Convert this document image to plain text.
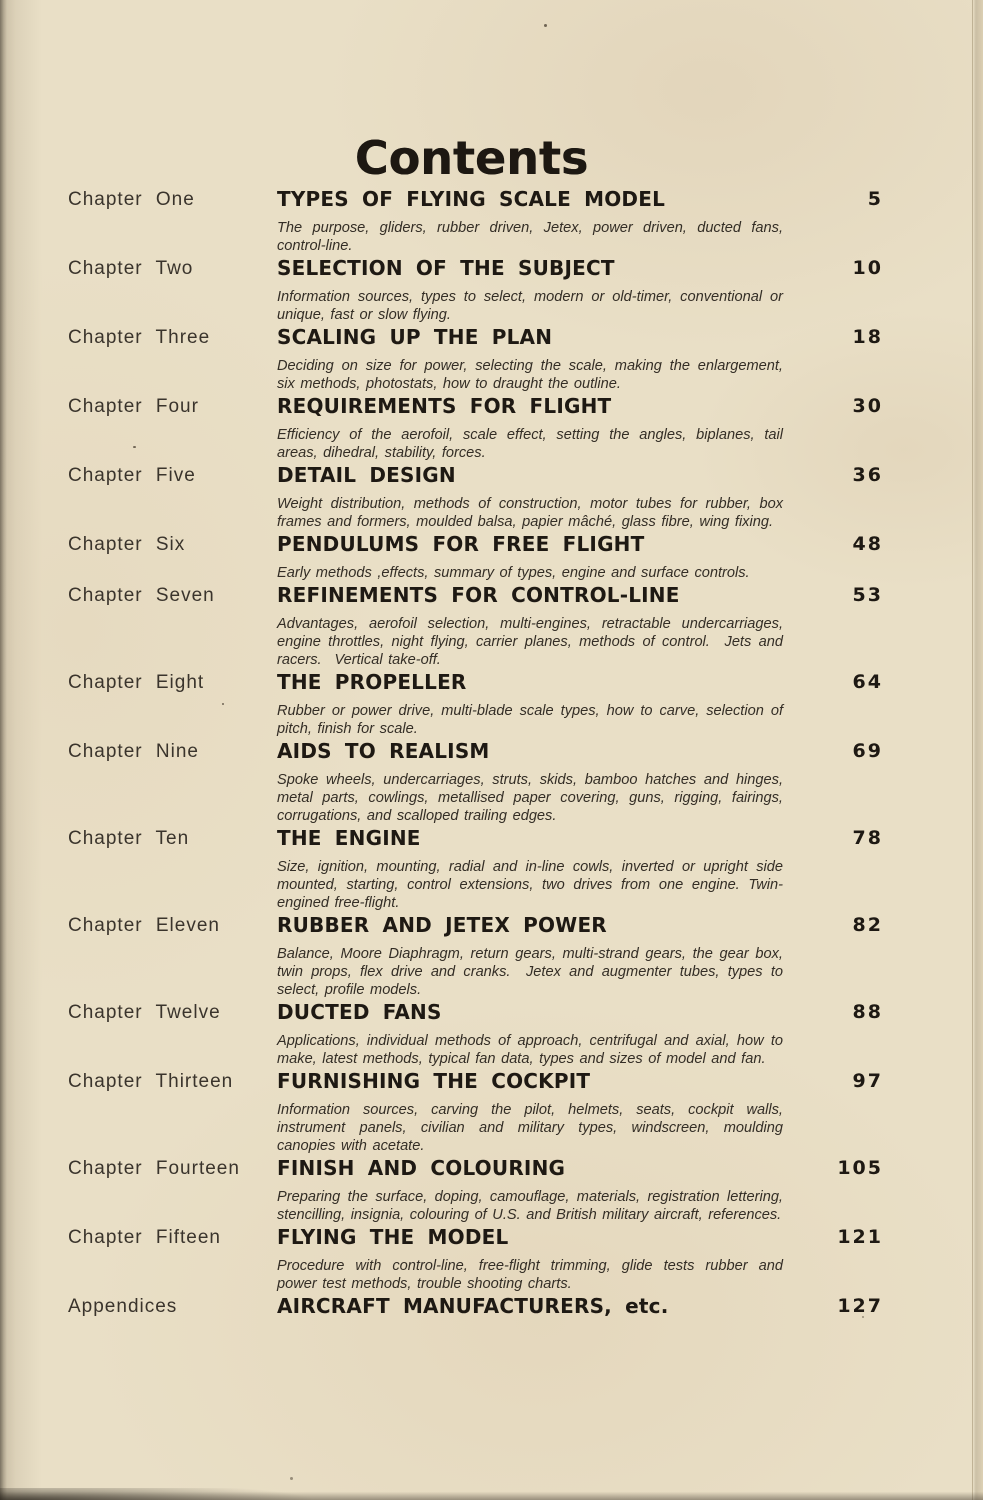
Contents
Chapter One	TYPES OF FLYING SCALE MODEL	5
The purpose, gliders, rubber driven, Jetex, power driven, ducted fans, control-line.
Chapter Two	SELECTION OF THE SUBJECT	10
Information sources, types to select, modern or old-timer, conventional or unique, fast or slow flying.
Chapter Three	SCALING UP THE PLAN	18
Deciding on size for power, selecting the scale, making the enlargement, six methods, photostats, how to draught the outline.
Chapter Four	REQUIREMENTS FOR FLIGHT	30
Efficiency of the aerofoil, scale effect, setting the angles, biplanes, tail areas, dihedral, stability, forces.
Chapter Five	DETAIL DESIGN	36
Weight distribution, methods of construction, motor tubes for rubber, box frames and formers, moulded balsa, papier mâché, glass fibre, wing fixing.
Chapter Six	PENDULUMS FOR FREE FLIGHT	48
Early methods ,effects, summary of types, engine and surface controls.
Chapter Seven	REFINEMENTS FOR CONTROL-LINE	53
Advantages, aerofoil selection, multi-engines, retractable undercarriages, engine throttles, night flying, carrier planes, methods of control.  Jets and racers.  Vertical take-off.
Chapter Eight	THE PROPELLER	64
Rubber or power drive, multi-blade scale types, how to carve, selection of pitch, finish for scale.
Chapter Nine	AIDS TO REALISM	69
Spoke wheels, undercarriages, struts, skids, bamboo hatches and hinges, metal parts, cowlings, metallised paper covering, guns, rigging, fairings, corrugations, and scalloped trailing edges.
Chapter Ten	THE ENGINE	78
Size, ignition, mounting, radial and in-line cowls, inverted or upright side mounted, starting, control extensions, two drives from one engine. Twin-engined free-flight.
Chapter Eleven	RUBBER AND JETEX POWER	82
Balance, Moore Diaphragm, return gears, multi-strand gears, the gear box, twin props, flex drive and cranks.  Jetex and augmenter tubes, types to select, profile models.
Chapter Twelve	DUCTED FANS	88
Applications, individual methods of approach, centrifugal and axial, how to make, latest methods, typical fan data, types and sizes of model and fan.
Chapter Thirteen	FURNISHING THE COCKPIT	97
Information sources, carving the pilot, helmets, seats, cockpit walls, instrument panels, civilian and military types, windscreen, moulding canopies with acetate.
Chapter Fourteen	FINISH AND COLOURING	105
Preparing the surface, doping, camouflage, materials, registration lettering, stencilling, insignia, colouring of U.S. and British military aircraft, references.
Chapter Fifteen	FLYING THE MODEL	121
Procedure with control-line, free-flight trimming, glide tests rubber and power test methods, trouble shooting charts.
Appendices	AIRCRAFT MANUFACTURERS, etc.	127
